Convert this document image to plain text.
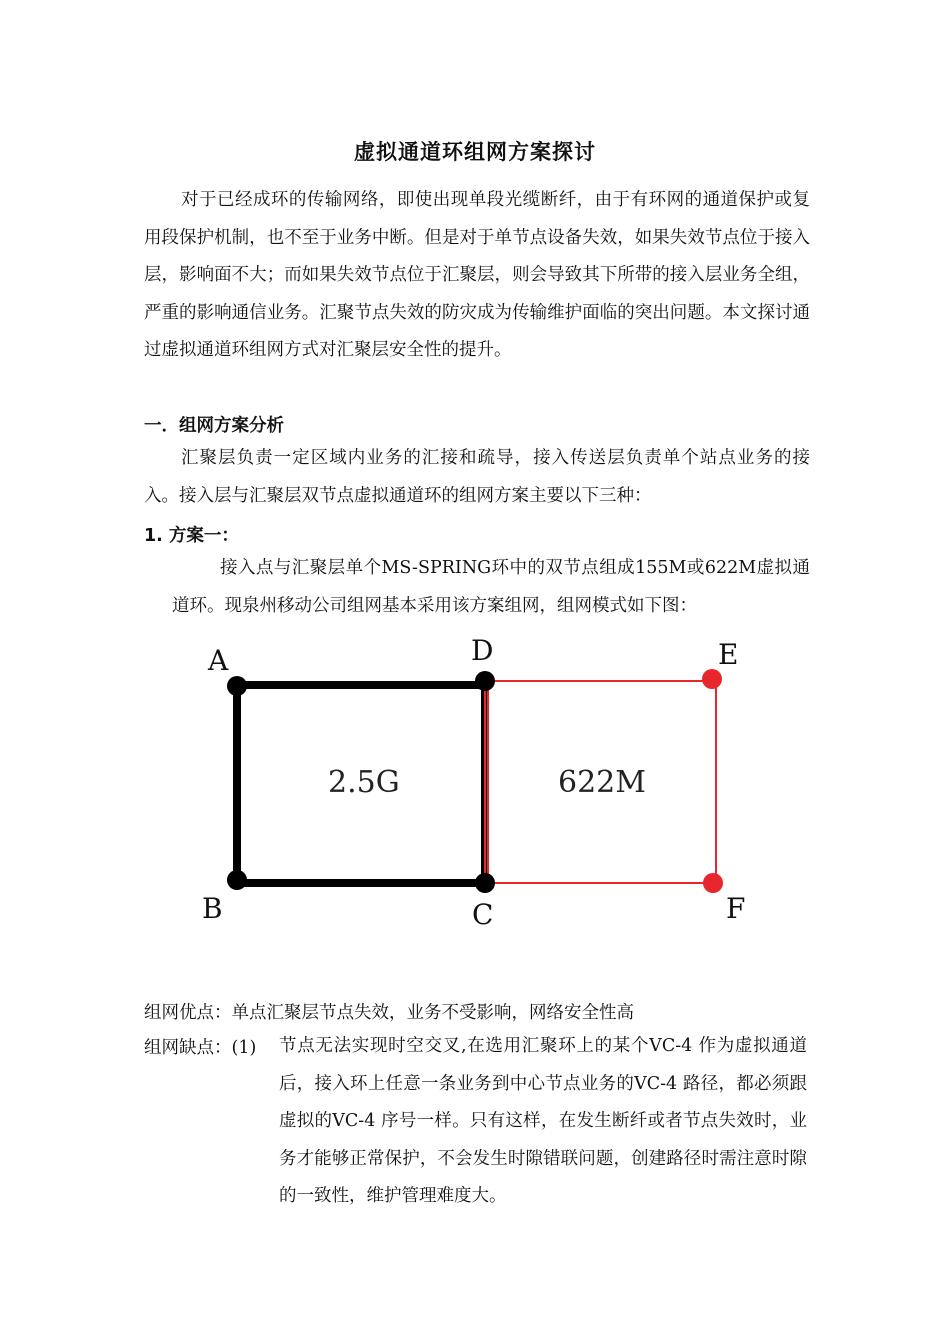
虚拟通道环组网方案探讨
对于已经成环的传输网络，即使出现单段光缆断纤，由于有环网的通道保护或复用段保护机制，也不至于业务中断。但是对于单节点设备失效，如果失效节点位于接入层，影响面不大；而如果失效节点位于汇聚层，则会导致其下所带的接入层业务全组，严重的影响通信业务。汇聚节点失效的防灾成为传输维护面临的突出问题。本文探讨通过虚拟通道环组网方式对汇聚层安全性的提升。
一．组网方案分析
汇聚层负责一定区域内业务的汇接和疏导，接入传送层负责单个站点业务的接入。接入层与汇聚层双节点虚拟通道环的组网方案主要以下三种：
1. 方案一：
接入点与汇聚层单个MS-SPRING环中的双节点组成155M或622M虚拟通道环。现泉州移动公司组网基本采用该方案组网，组网模式如下图：
A
B	C
D	E
F
2.5G	622M
组网优点：单点汇聚层节点失效，业务不受影响，网络安全性高
组网缺点：(1) 节点无法实现时空交叉,在选用汇聚环上的某个VC-4 作为虚拟通道后，接入环上任意一条业务到中心节点业务的VC-4 路径，都必须跟虚拟的VC-4 序号一样。只有这样，在发生断纤或者节点失效时，业务才能够正常保护，不会发生时隙错联问题，创建路径时需注意时隙的一致性，维护管理难度大。
